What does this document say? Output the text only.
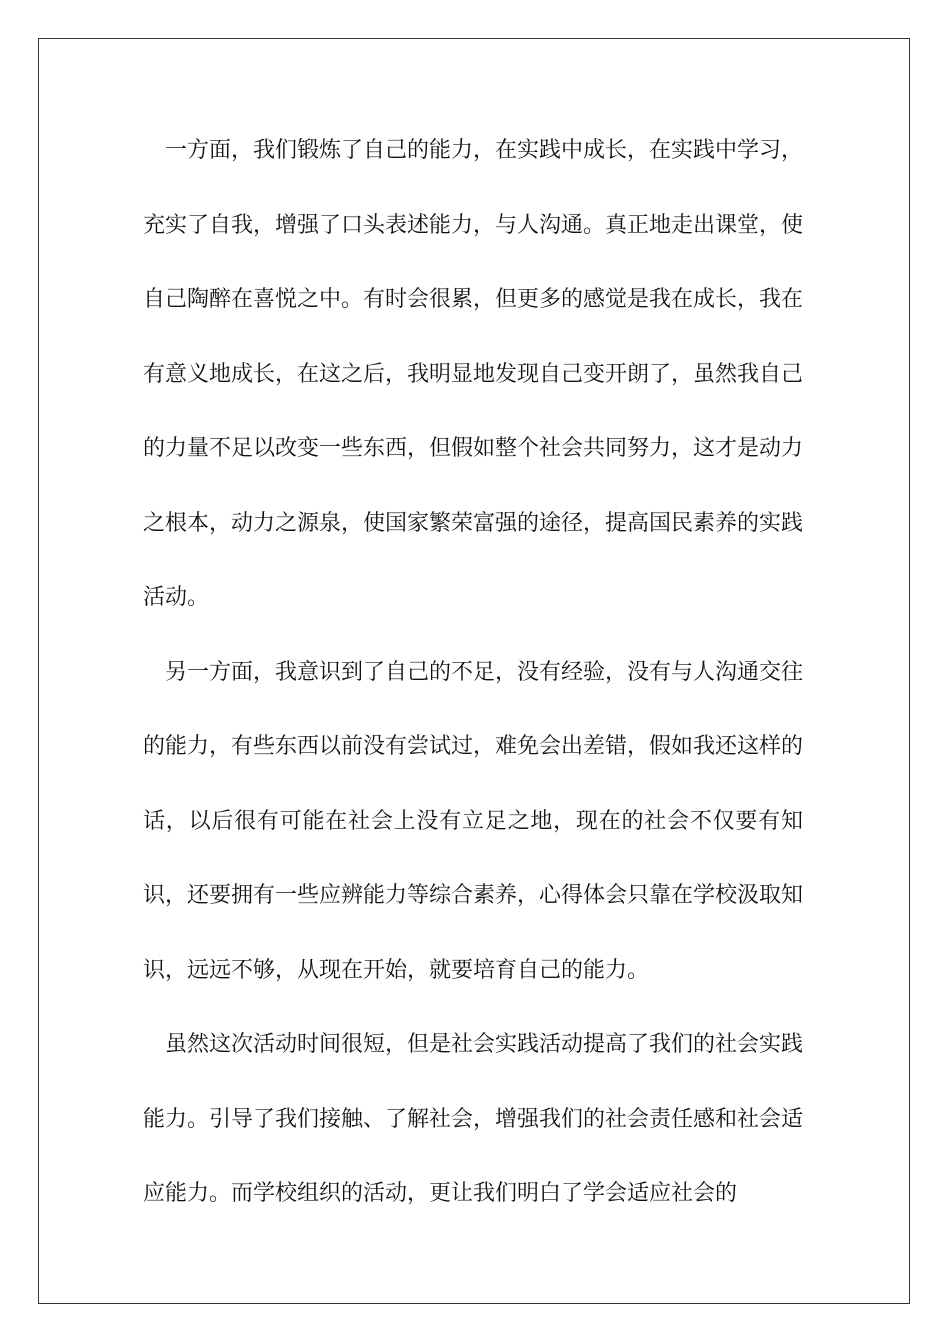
一方面，我们锻炼了自己的能力，在实践中成长，在实践中学习，充实了自我，增强了口头表述能力，与人沟通。真正地走出课堂，使自己陶醉在喜悦之中。有时会很累，但更多的感觉是我在成长，我在有意义地成长，在这之后，我明显地发现自己变开朗了，虽然我自己的力量不足以改变一些东西，但假如整个社会共同努力，这才是动力之根本，动力之源泉，使国家繁荣富强的途径，提高国民素养的实践活动。

另一方面，我意识到了自己的不足，没有经验，没有与人沟通交往的能力，有些东西以前没有尝试过，难免会出差错，假如我还这样的话，以后很有可能在社会上没有立足之地，现在的社会不仅要有知识，还要拥有一些应辨能力等综合素养，心得体会只靠在学校汲取知识，远远不够，从现在开始，就要培育自己的能力。

虽然这次活动时间很短，但是社会实践活动提高了我们的社会实践能力。引导了我们接触、了解社会，增强我们的社会责任感和社会适应能力。而学校组织的活动，更让我们明白了学会适应社会的
